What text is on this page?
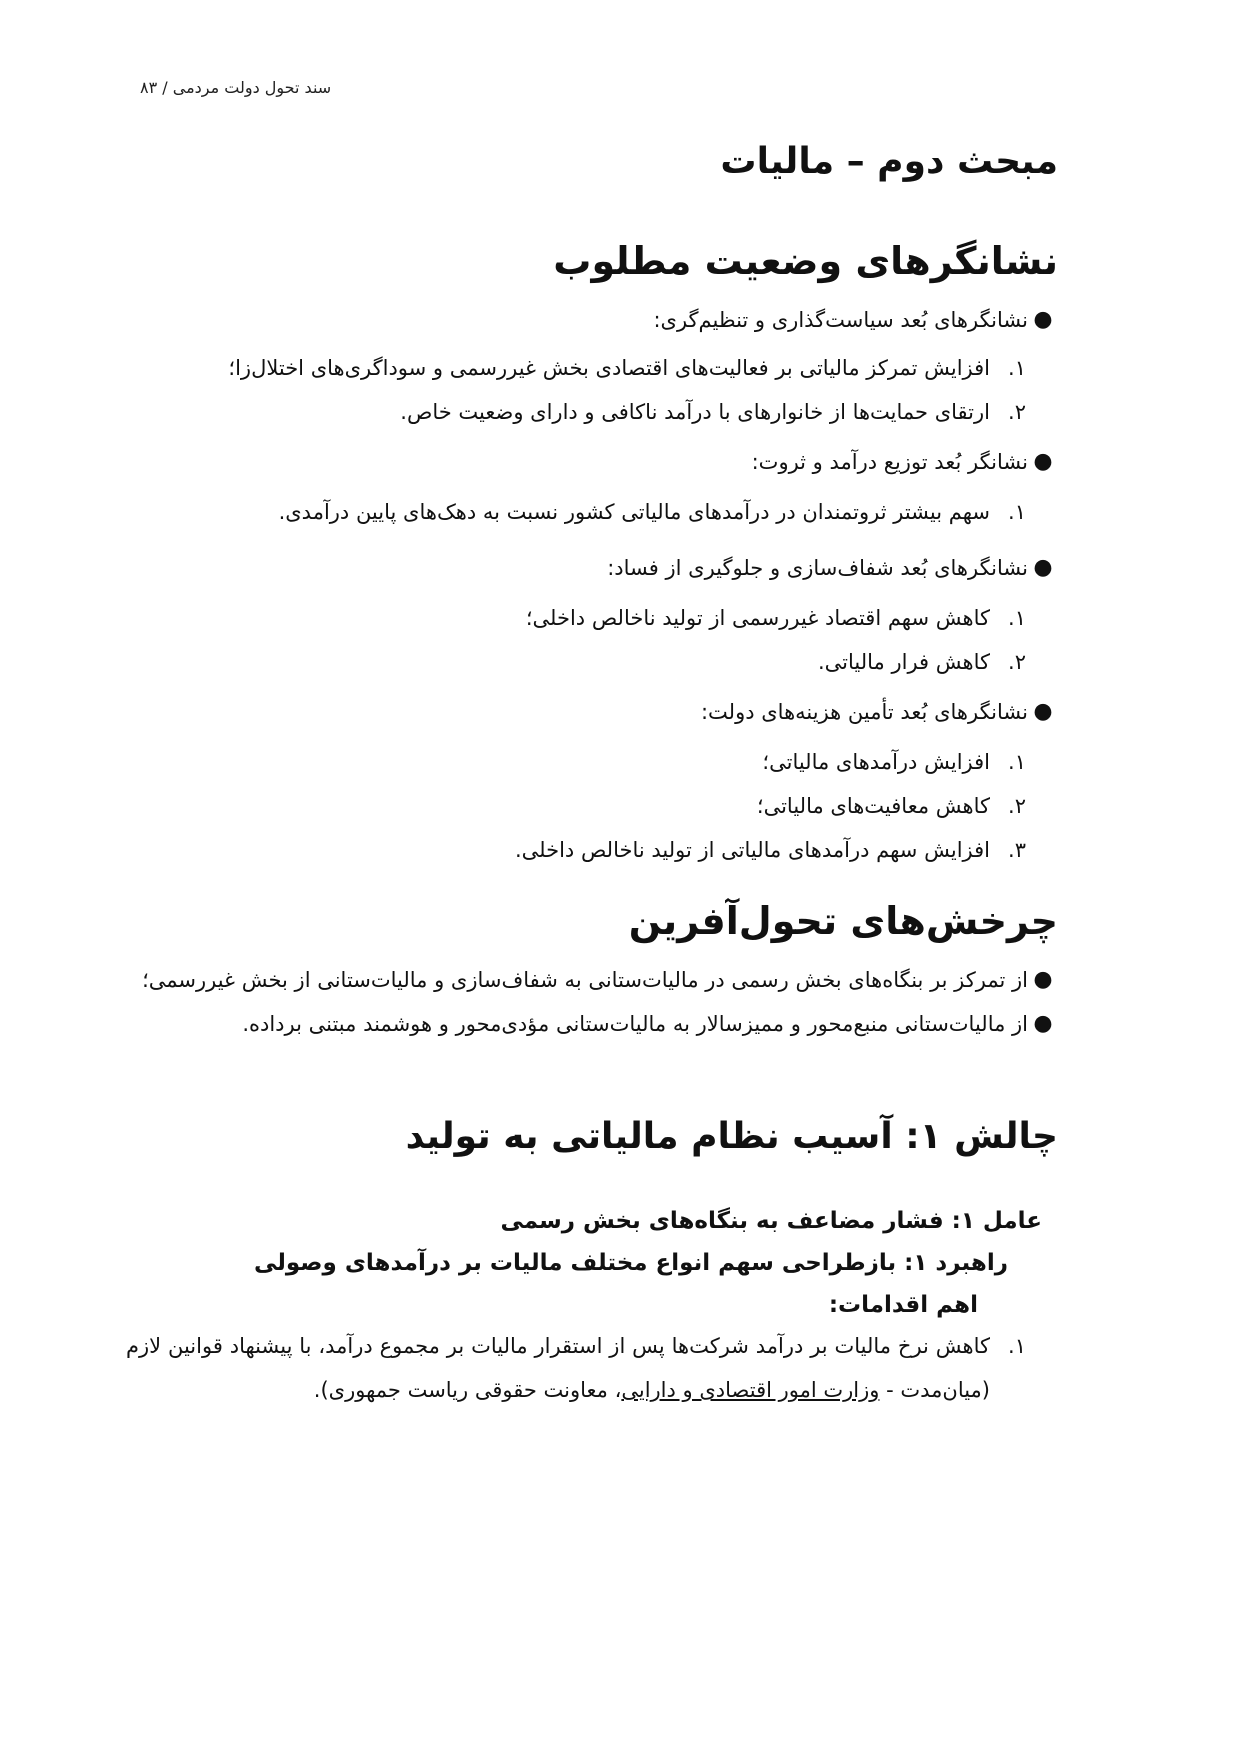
سند تحول دولت مردمی / ۸۳
مبحث دوم – مالیات
نشانگرهای وضعیت مطلوب
●
نشانگرهای بُعد سیاست‌گذاری و تنظیم‌گری:
۱.
افزایش تمرکز مالیاتی بر فعالیت‌های اقتصادی بخش غیررسمی و سوداگری‌های اختلال‌زا؛
۲.
ارتقای حمایت‌ها از خانوارهای با درآمد ناکافی و دارای وضعیت خاص.
●
نشانگر بُعد توزیع درآمد و ثروت:
۱.
سهم بیشتر ثروتمندان در درآمدهای مالیاتی کشور نسبت به دهک‌های پایین درآمدی.
●
نشانگرهای بُعد شفاف‌سازی و جلوگیری از فساد:
۱.
کاهش سهم اقتصاد غیررسمی از تولید ناخالص داخلی؛
۲.
کاهش فرار مالیاتی.
●
نشانگرهای بُعد تأمین هزینه‌های دولت:
۱.
افزایش درآمدهای مالیاتی؛
۲.
کاهش معافیت‌های مالیاتی؛
۳.
افزایش سهم درآمدهای مالیاتی از تولید ناخالص داخلی.
چرخش‌های تحول‌آفرین
●
از تمرکز بر بنگاه‌های بخش رسمی در مالیات‌ستانی به شفاف‌سازی و مالیات‌ستانی از بخش غیررسمی؛
●
از مالیات‌ستانی منبع‌محور و ممیزسالار به مالیات‌ستانی مؤدی‌محور و هوشمند مبتنی برداده.
چالش ۱: آسیب نظام مالیاتی به تولید

عامل ۱: فشار مضاعف به بنگاه‌های بخش رسمی

راهبرد ۱: بازطراحی سهم انواع مختلف مالیات بر درآمدهای وصولی

اهم اقدامات:

۱.
کاهش نرخ مالیات بر درآمد شرکت‌ها پس از استقرار مالیات بر مجموع درآمد، با پیشنهاد قوانین لازم (میان‌مدت - وزارت امور اقتصادی و دارایی، معاونت حقوقی ریاست جمهوری).
